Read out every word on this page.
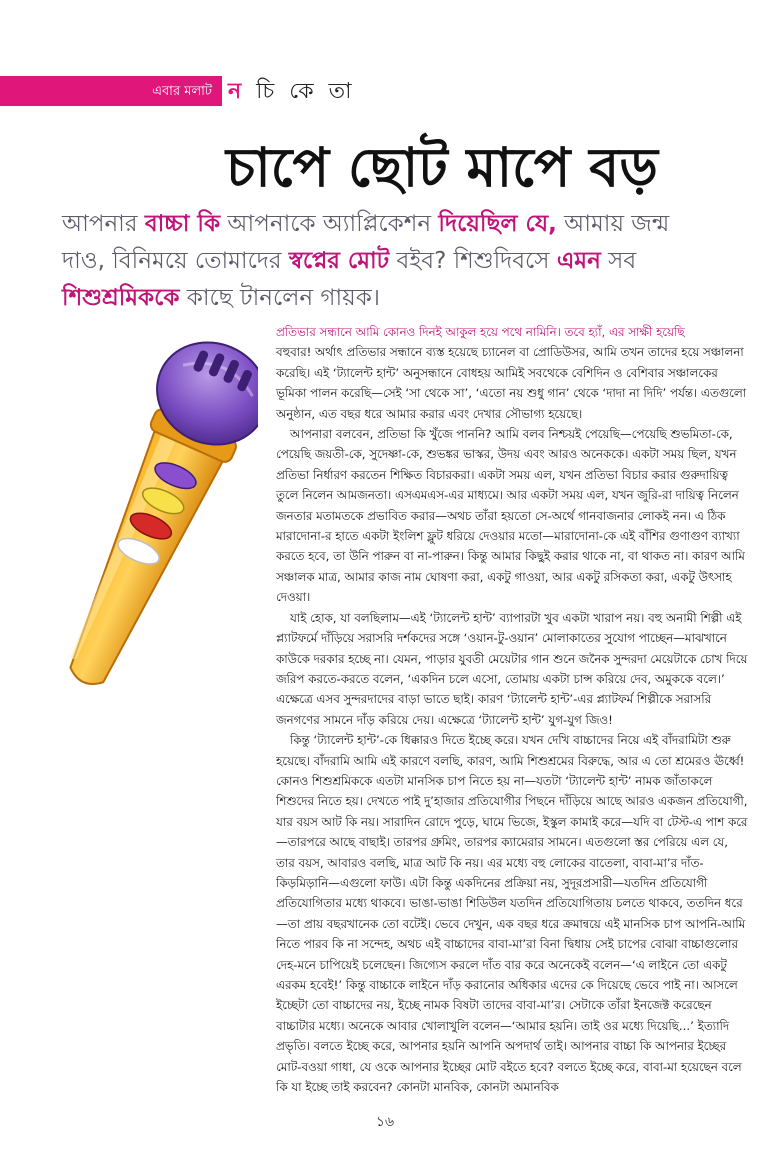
এবার মলাট ন চি কে তা
চাপে ছোট মাপে বড়
আপনার বাচ্চা কি আপনাকে অ্যাপ্লিকেশন দিয়েছিল যে, আমায় জন্ম দাও, বিনিময়ে তোমাদের স্বপ্নের মোট বইব? শিশুদিবসে এমন সব শিশুশ্রমিককে কাছে টানলেন গায়ক।

প্রতিভার সন্ধানে আমি কোনও দিনই আকুল হয়ে পথে নামিনি। তবে হ্যাঁ, এর সাক্ষী হয়েছি

বহুবার! অর্থাৎ প্রতিভার সন্ধানে ব্যস্ত হয়েছে চ্যানেল বা প্রোডিউসর, আমি তখন তাদের হয়ে সঞ্চালনা করেছি। এই ‘ট্যালেন্ট হান্ট’ অনুসন্ধানে বোধহয় আমিই সবথেকে বেশিদিন ও বেশিবার সঞ্চালকের ভূমিকা পালন করেছি—সেই ‘সা থেকে সা’, ‘এতো নয় শুধু গান’ থেকে ‘দাদা না দিদি’ পর্যন্ত। এতগুলো অনুষ্ঠান, এত বছর ধরে আমার করার এবং দেখার সৌভাগ্য হয়েছে।

আপনারা বলবেন, প্রতিভা কি খুঁজে পাননি? আমি বলব নিশ্চয়ই পেয়েছি—পেয়েছি শুভমিতা-কে, পেয়েছি জয়তী-কে, সুদেষ্ণা-কে, শুভঙ্কর ভাস্কর, উদয় এবং আরও অনেককে। একটা সময় ছিল, যখন প্রতিভা নির্ধারণ করতেন শিক্ষিত বিচারকরা। একটা সময় এল, যখন প্রতিভা বিচার করার গুরুদায়িত্ব তুলে নিলেন আমজনতা। এসএমএস-এর মাধ্যমে। আর একটা সময় এল, যখন জুরি-রা দায়িত্ব নিলেন জনতার মতামতকে প্রভাবিত করার—অথচ তাঁরা হয়তো সে-অর্থে গানবাজনার লোকই নন। এ ঠিক মারাদোনা-র হাতে একটা ইংলিশ ফ্লুট ধরিয়ে দেওয়ার মতো—মারাদোনা-কে এই বাঁশির গুণাগুণ ব্যাখ্যা করতে হবে, তা উনি পারুন বা না-পারুন। কিন্তু আমার কিছুই করার থাকে না, বা থাকত না। কারণ আমি সঞ্চালক মাত্র, আমার কাজ নাম ঘোষণা করা, একটু গাওয়া, আর একটু রসিকতা করা, একটু উৎসাহ দেওয়া।

যাই হোক, যা বলছিলাম—এই ‘ট্যালেন্ট হান্ট’ ব্যাপারটা খুব একটা খারাপ নয়। বহু অনামী শিল্পী এই প্ল্যাটফর্মে দাঁড়িয়ে সরাসরি দর্শকদের সঙ্গে ‘ওয়ান-টু-ওয়ান’ মোলাকাতের সুযোগ পাচ্ছেন—মাঝখানে কাউকে দরকার হচ্ছে না। যেমন, পাড়ার যুবতী মেয়েটার গান শুনে জনৈক সুন্দরদা মেয়েটাকে চোখ দিয়ে জরিপ করতে-করতে বলেন, ‘একদিন চলে এসো, তোমায় একটা চান্স করিয়ে দেব, অমুককে বলে।’ এক্ষেত্রে এসব সুন্দরদাদের বাড়া ভাতে ছাই। কারণ ‘ট্যালেন্ট হান্ট’-এর প্ল্যাটফর্ম শিল্পীকে সরাসরি জনগণের সামনে দাঁড় করিয়ে দেয়। এক্ষেত্রে ‘ট্যালেন্ট হান্ট’ যুগ-যুগ জিও!

কিন্তু ‘ট্যালেন্ট হান্ট’-কে ধিক্কারও দিতে ইচ্ছে করে। যখন দেখি বাচ্চাদের নিয়ে এই বাঁদরামিটা শুরু হয়েছে। বাঁদরামি আমি এই কারণে বলছি, কারণ, আমি শিশুশ্রমের বিরুদ্ধে, আর এ তো শ্রমেরও ঊর্ধ্বে! কোনও শিশুশ্রমিককে এতটা মানসিক চাপ নিতে হয় না—যতটা ‘ট্যালেন্ট হান্ট’ নামক জাঁতাকলে শিশুদের নিতে হয়। দেখতে পাই দু’হাজার প্রতিযোগীর পিছনে দাঁড়িয়ে আছে আরও একজন প্রতিযোগী, যার বয়স আট কি নয়। সারাদিন রোদে পুড়ে, ঘামে ভিজে, ইস্কুল কামাই করে—যদি বা টেস্ট-এ পাশ করে—তারপরে আছে বাছাই। তারপর গ্রুমিং, তারপর ক্যামেরার সামনে। এতগুলো স্তর পেরিয়ে এল যে, তার বয়স, আবারও বলছি, মাত্র আট কি নয়। এর মধ্যে বহু লোকের বাতেলা, বাবা-মা’র দাঁত-কিড়মিড়ানি—এগুলো ফাউ। এটা কিন্তু একদিনের প্রক্রিয়া নয়, সুদূরপ্রসারী—যতদিন প্রতিযোগী প্রতিযোগিতার মধ্যে থাকবে। ভাঙা-ভাঙা শিডিউল যতদিন প্রতিযোগিতায় চলতে থাকবে, ততদিন ধরে—তা প্রায় বছরখানেক তো বটেই। ভেবে দেখুন, এক বছর ধরে ক্রমান্বয়ে এই মানসিক চাপ আপনি-আমি নিতে পারব কি না সন্দেহ, অথচ এই বাচ্চাদের বাবা-মা’রা বিনা দ্বিধায় সেই চাপের বোঝা বাচ্চাগুলোর দেহ-মনে চাপিয়েই চলেছেন। জিগ্যেস করলে দাঁত বার করে অনেকেই বলেন—‘এ লাইনে তো একটু এরকম হবেই!’ কিন্তু বাচ্চাকে লাইনে দাঁড় করানোর অধিকার এদের কে দিয়েছে ভেবে পাই না। আসলে ইচ্ছেটা তো বাচ্চাদের নয়, ইচ্ছে নামক বিষটা তাদের বাবা-মা’র। সেটাকে তাঁরা ইনজেক্ট করেছেন বাচ্চাটার মধ্যে। অনেকে আবার খোলাখুলি বলেন—‘আমার হয়নি। তাই ওর মধ্যে দিয়েছি...’ ইত্যাদি প্রভৃতি। বলতে ইচ্ছে করে, আপনার হয়নি আপনি অপদার্থ তাই। আপনার বাচ্চা কি আপনার ইচ্ছের মোট-বওয়া গাধা, যে ওকে আপনার ইচ্ছের মোট বইতে হবে? বলতে ইচ্ছে করে, বাবা-মা হয়েছেন বলে কি যা ইচ্ছে তাই করবেন? কোনটা মানবিক, কোনটা অমানবিক

১৬
